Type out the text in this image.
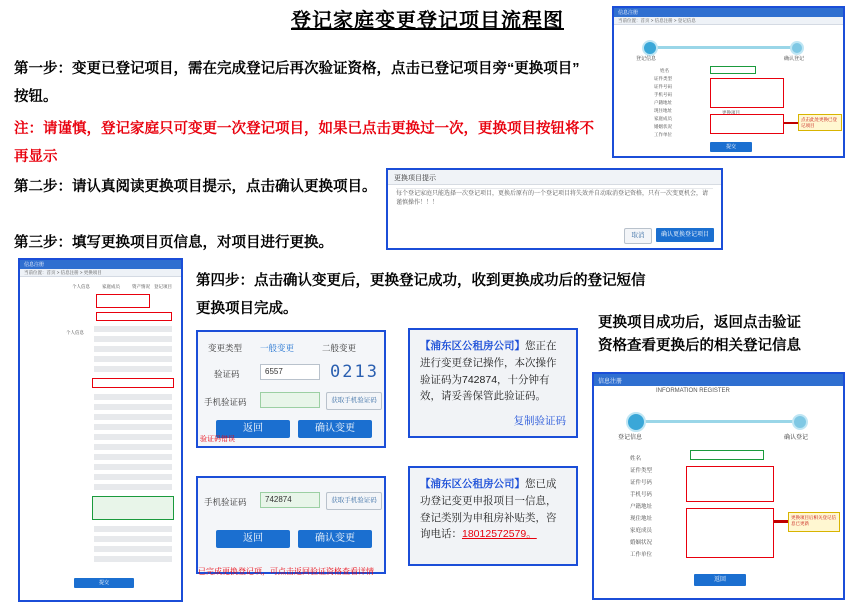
登记家庭变更登记项目流程图
第一步：变更已登记项目，需在完成登记后再次验证资格，点击已登记项目旁“更换项目”
按钮。
注：请谨慎，登记家庭只可变更一次登记项目，如果已点击更换过一次，更换项目按钮将不
再显示
第二步：请认真阅读更换项目提示，点击确认更换项目。
第三步：填写更换项目页信息，对项目进行更换。
第四步：点击确认变更后，更换登记成功，收到更换成功后的登记短信
更换项目完成。
更换项目成功后，返回点击验证
资格查看更换后的相关登记信息
信息注册
当前位置：首页 > 信息注册 > 登记信息
登记信息	确认登记
姓名
证件类型
证件号码
手机号码
户籍地址
现住地址
家庭成员
婚姻状况
工作单位
更换项目
点击此处更换已登记项目
提交
更换项目提示
每个登记家庭只能选择一次登记项目，更换后原有的一个登记项目将失效并自动取消登记资格，只有一次变更机会，请谨慎操作！！！
取消	确认更换登记项目
信息注册
当前位置：首页 > 信息注册 > 更换项目
个人信息	家庭成员	资产情况 登记项目
个人信息
提交
变更类型 一般变更	二般变更
验证码	6557	0213
手机验证码	获取手机验证码
返回	确认变更
验证码错误
手机验证码	742874	获取手机验证码
返回	确认变更
已完成更换登记项，可点击返回验证资格查看详情
【浦东区公租房公司】您正在进行变更登记操作，本次操作验证码为742874，十分钟有效，请妥善保管此验证码。
复制验证码
【浦东区公租房公司】您已成功登记变更申报项目一信息，登记类别为申租房补贴类，咨询电话：18012572579。
信息注册
INFORMATION REGISTER
登记信息	确认登记
姓名
证件类型
证件号码
手机号码
户籍地址
现住地址
家庭成员
婚姻状况
工作单位
更换项目后相关登记信息已更新
返回
